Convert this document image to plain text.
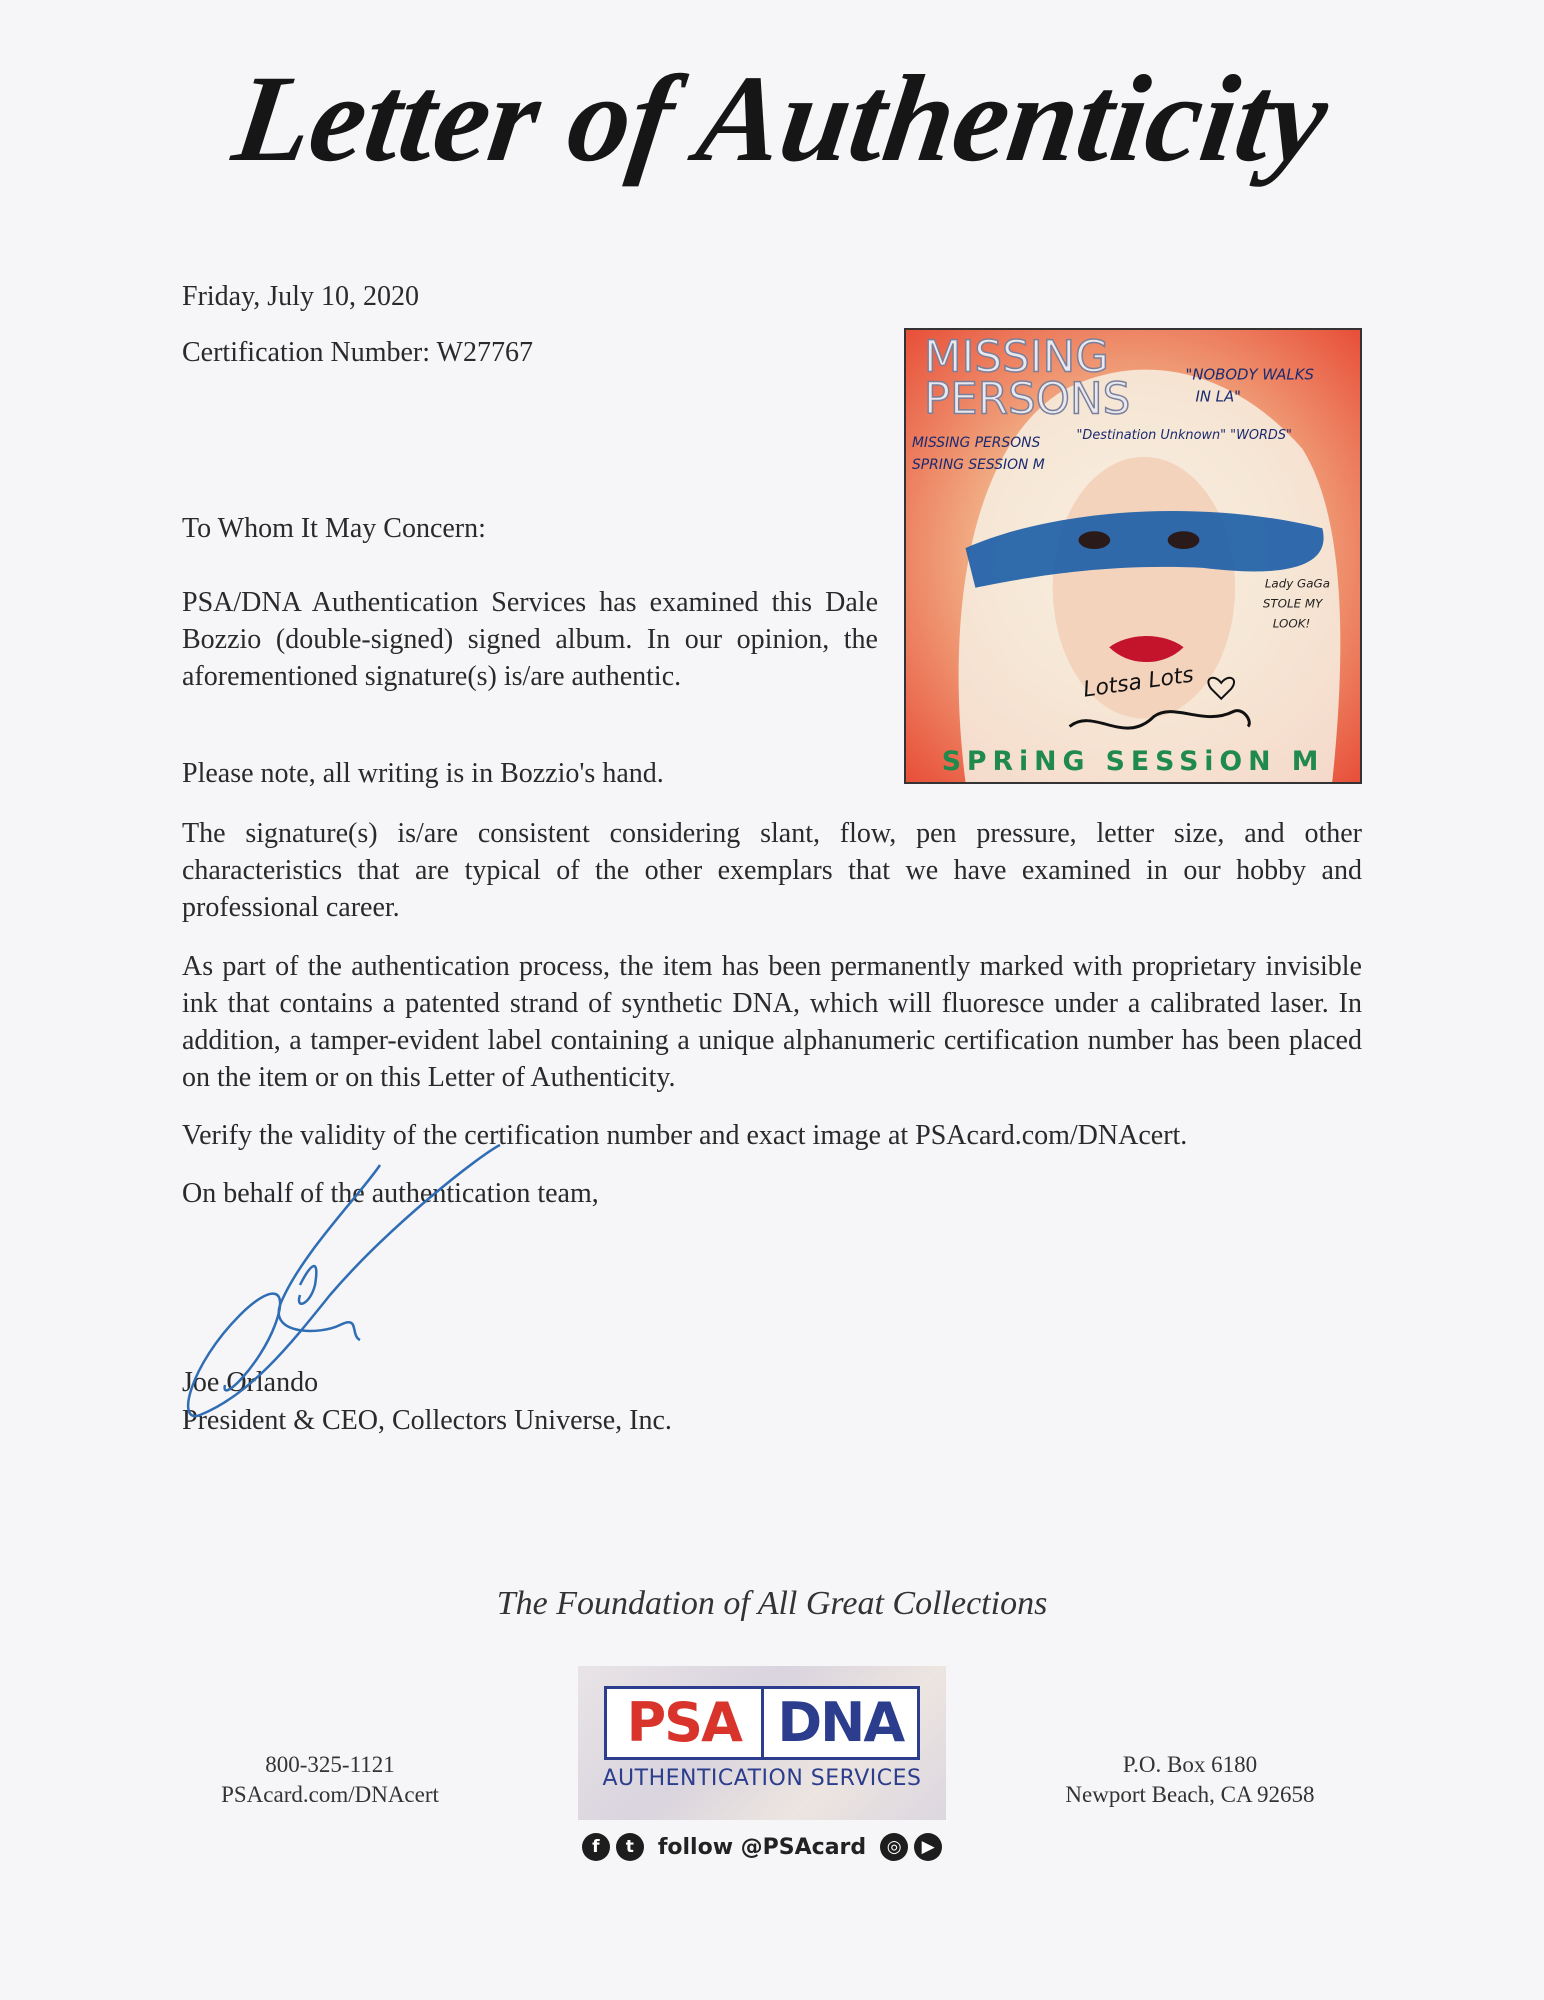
Letter of Authenticity
Friday, July 10, 2020
Certification Number: W27767
To Whom It May Concern:
PSA/DNA Authentication Services has examined this Dale Bozzio (double-signed) signed album. In our opinion, the aforementioned signature(s) is/are authentic.
Please note, all writing is in Bozzio's hand.
The signature(s) is/are consistent considering slant, flow, pen pressure, letter size, and other characteristics that are typical of the other exemplars that we have examined in our hobby and professional career.
As part of the authentication process, the item has been permanently marked with proprietary invisible ink that contains a patented strand of synthetic DNA, which will fluoresce under a calibrated laser. In addition, a tamper-evident label containing a unique alphanumeric certification number has been placed on the item or on this Letter of Authenticity.
Verify the validity of the certification number and exact image at PSAcard.com/DNAcert.
On behalf of the authentication team,
Joe Orlando
President & CEO, Collectors Universe, Inc.
MISSING
PERSONS
SPRiNG SESSiON M
"NOBODY WALKS
IN LA"
"Destination Unknown" "WORDS"
MISSING PERSONS
SPRING SESSION M
Lady GaGa
STOLE MY
LOOK!
Lotsa Lots
The Foundation of All Great Collections
800-325-1121
PSAcard.com/DNAcert
P.O. Box 6180
Newport Beach, CA 92658
PSA DNA
AUTHENTICATION SERVICES
f	t	follow @PSAcard	◎	▶
